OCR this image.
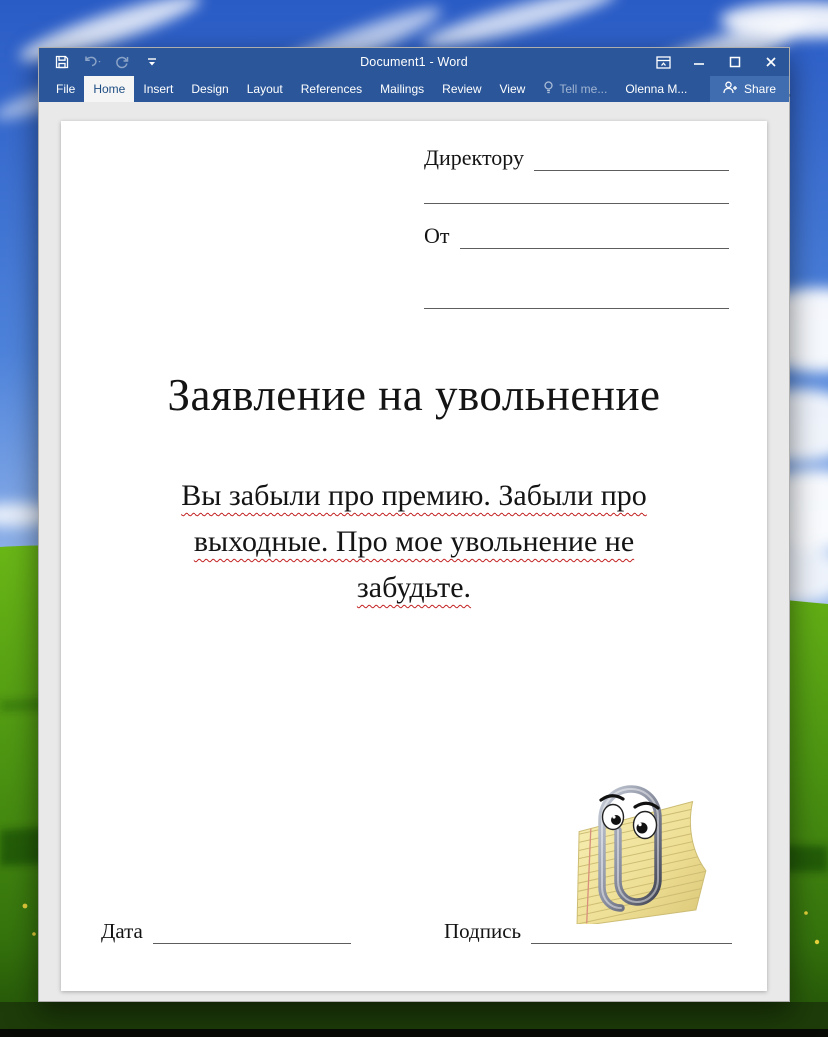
Document1 - Word
File	Home	Insert	Design	Layout	References	Mailings	Review	View	Tell me...	Olenna M...	Share
Директору
От
Заявление на увольнение
Вы забыли про премию. Забыли про
выходные. Про мое увольнение не
забудьте.
Дата	Подпись
